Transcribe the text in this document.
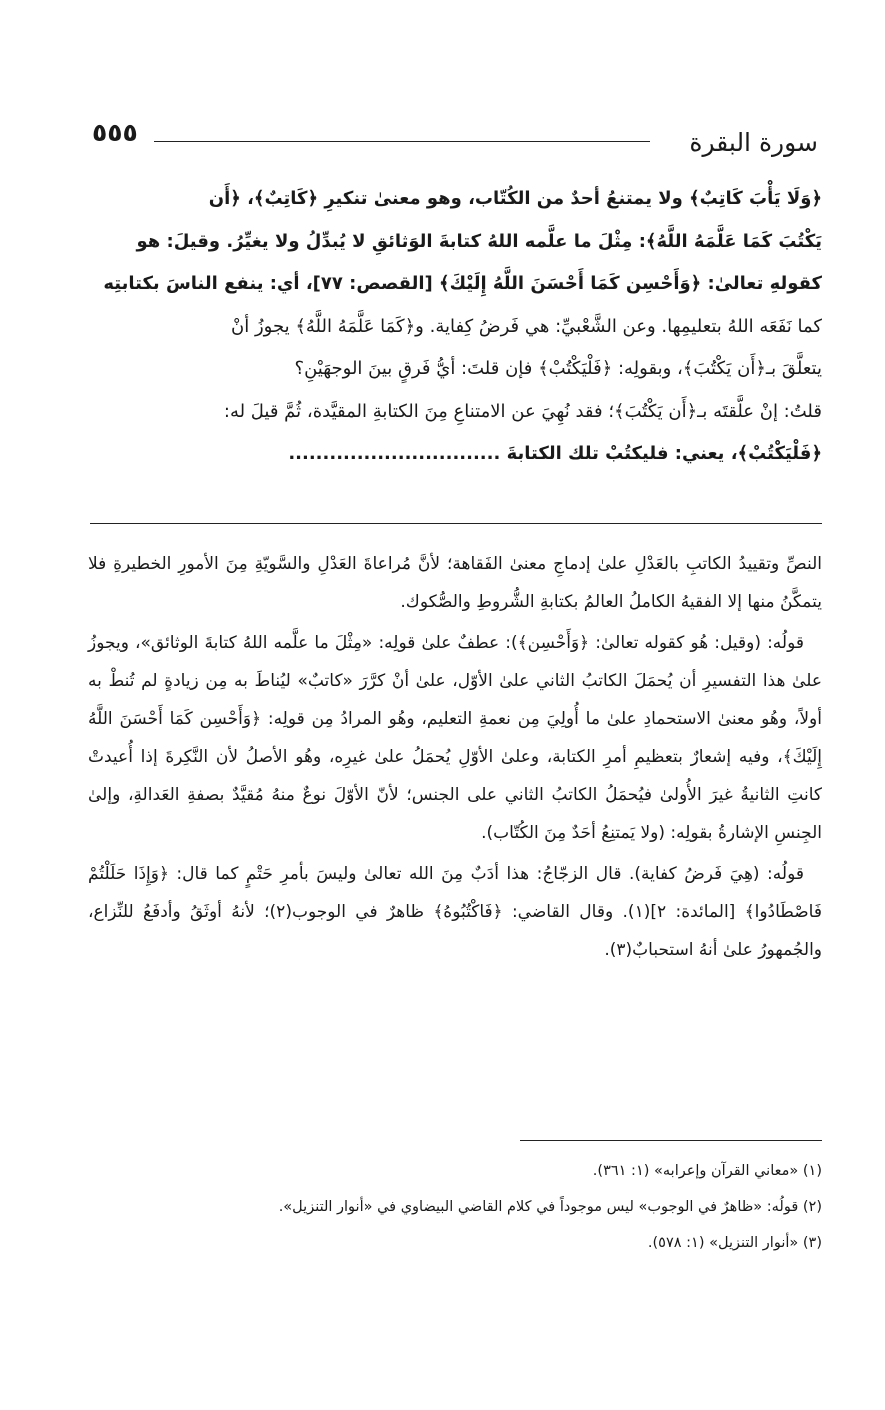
سورة البقرة
٥٥٥
﴿وَلَا يَأْبَ كَاتِبٌ﴾ ولا يمتنعُ أحدٌ من الكُتّاب، وهو معنىٰ تنكيرِ ﴿كَاتِبٌ﴾، ﴿أَن
يَكْتُبَ كَمَا عَلَّمَهُ اللَّهُ﴾: مِثْلَ ما علَّمه اللهُ كتابةَ الوَثائقِ لا يُبدِّلُ ولا يغيِّرُ. وقيلَ: هو
كقولهِ تعالىٰ: ﴿وَأَحْسِن كَمَا أَحْسَنَ اللَّهُ إِلَيْكَ﴾ [القصص: ٧٧]، أي: ينفع الناسَ بكتابتِه
كما نَفَعَه اللهُ بتعليمِها. وعن الشَّعْبيِّ: هي فَرضُ كِفاية. و﴿كَمَا عَلَّمَهُ اللَّهُ﴾ يجوزُ أنْ
يتعلَّقَ بـ﴿أَن يَكْتُبَ﴾، وبقولِه: ﴿فَلْيَكْتُبْ﴾ فإن قلتَ: أيُّ فَرقٍ بينَ الوجهَيْنِ؟
قلتُ: إنْ علَّقتَه بـ﴿أَن يَكْتُبَ﴾؛ فقد نُهِيَ عن الامتناعِ مِنَ الكتابةِ المقيَّدة، ثُمَّ قيلَ له:
﴿فَلْيَكْتُبْ﴾، يعني: فليكتُبْ تلك الكتابةَ ...............................
النصِّ وتقييدُ الكاتبِ بالعَدْلِ علىٰ إدماجِ معنىٰ الفَقاهة؛ لأنَّ مُراعاةَ العَدْلِ والسَّويّةِ مِنَ الأمورِ الخطيرةِ فلا يتمكَّنُ منها إلا الفقيهُ الكاملُ العالمُ بكتابةِ الشُّروطِ والصُّكوك.
قولُه: (وقيل: هُو كقوله تعالىٰ: ﴿وَأَحْسِن﴾): عطفٌ علىٰ قولِه: «مِثْلَ ما علَّمه اللهُ كتابةَ الوثائق»، ويجوزُ علىٰ هذا التفسيرِ أن يُحمَلَ الكاتبُ الثاني علىٰ الأوّل، علىٰ أنْ كرَّرَ «كاتبٌ» ليُناطَ به مِن زيادةٍ لم تُنطْ به أولاً، وهُو معنىٰ الاستحمادِ علىٰ ما أُولِيَ مِن نعمةِ التعليم، وهُو المرادُ مِن قولِه: ﴿وَأَحْسِن كَمَا أَحْسَنَ اللَّهُ إِلَيْكَ﴾، وفيه إشعارٌ بتعظيمِ أمرِ الكتابة، وعلىٰ الأوّلِ يُحمَلُ علىٰ غيرِه، وهُو الأصلُ لأن النَّكِرةَ إذا أُعيدتْ كانتِ الثانيةُ غيرَ الأُولىٰ فيُحمَلُ الكاتبُ الثاني على الجنس؛ لأنّ الأوّلَ نوعٌ منهُ مُقيَّدٌ بصفةِ العَدالةِ، وإلىٰ الجِنسِ الإشارةُ بقولِه: (ولا يَمتنِعُ أحَدٌ مِنَ الكُتّاب).
قولُه: (هِيَ فَرضُ كفاية). قال الزجّاجُ: هذا أدَبٌ مِنَ الله تعالىٰ وليسَ بأمرِ حَتْمٍ كما قال: ﴿وَإِذَا حَلَلْتُمْ فَاصْطَادُوا﴾ [المائدة: ٢](١). وقال القاضي: ﴿فَاكْتُبُوهُ﴾ ظاهرٌ في الوجوب(٢)؛ لأنهُ أوثَقُ وأدفَعُ للنِّزاع، والجُمهورُ علىٰ أنهُ استحبابٌ(٣).
(١) «معاني القرآن وإعرابه» (١: ٣٦١).
(٢) قولُه: «ظاهرٌ في الوجوب» ليس موجوداً في كلام القاضي البيضاوي في «أنوار التنزيل».
(٣) «أنوار التنزيل» (١: ٥٧٨).
